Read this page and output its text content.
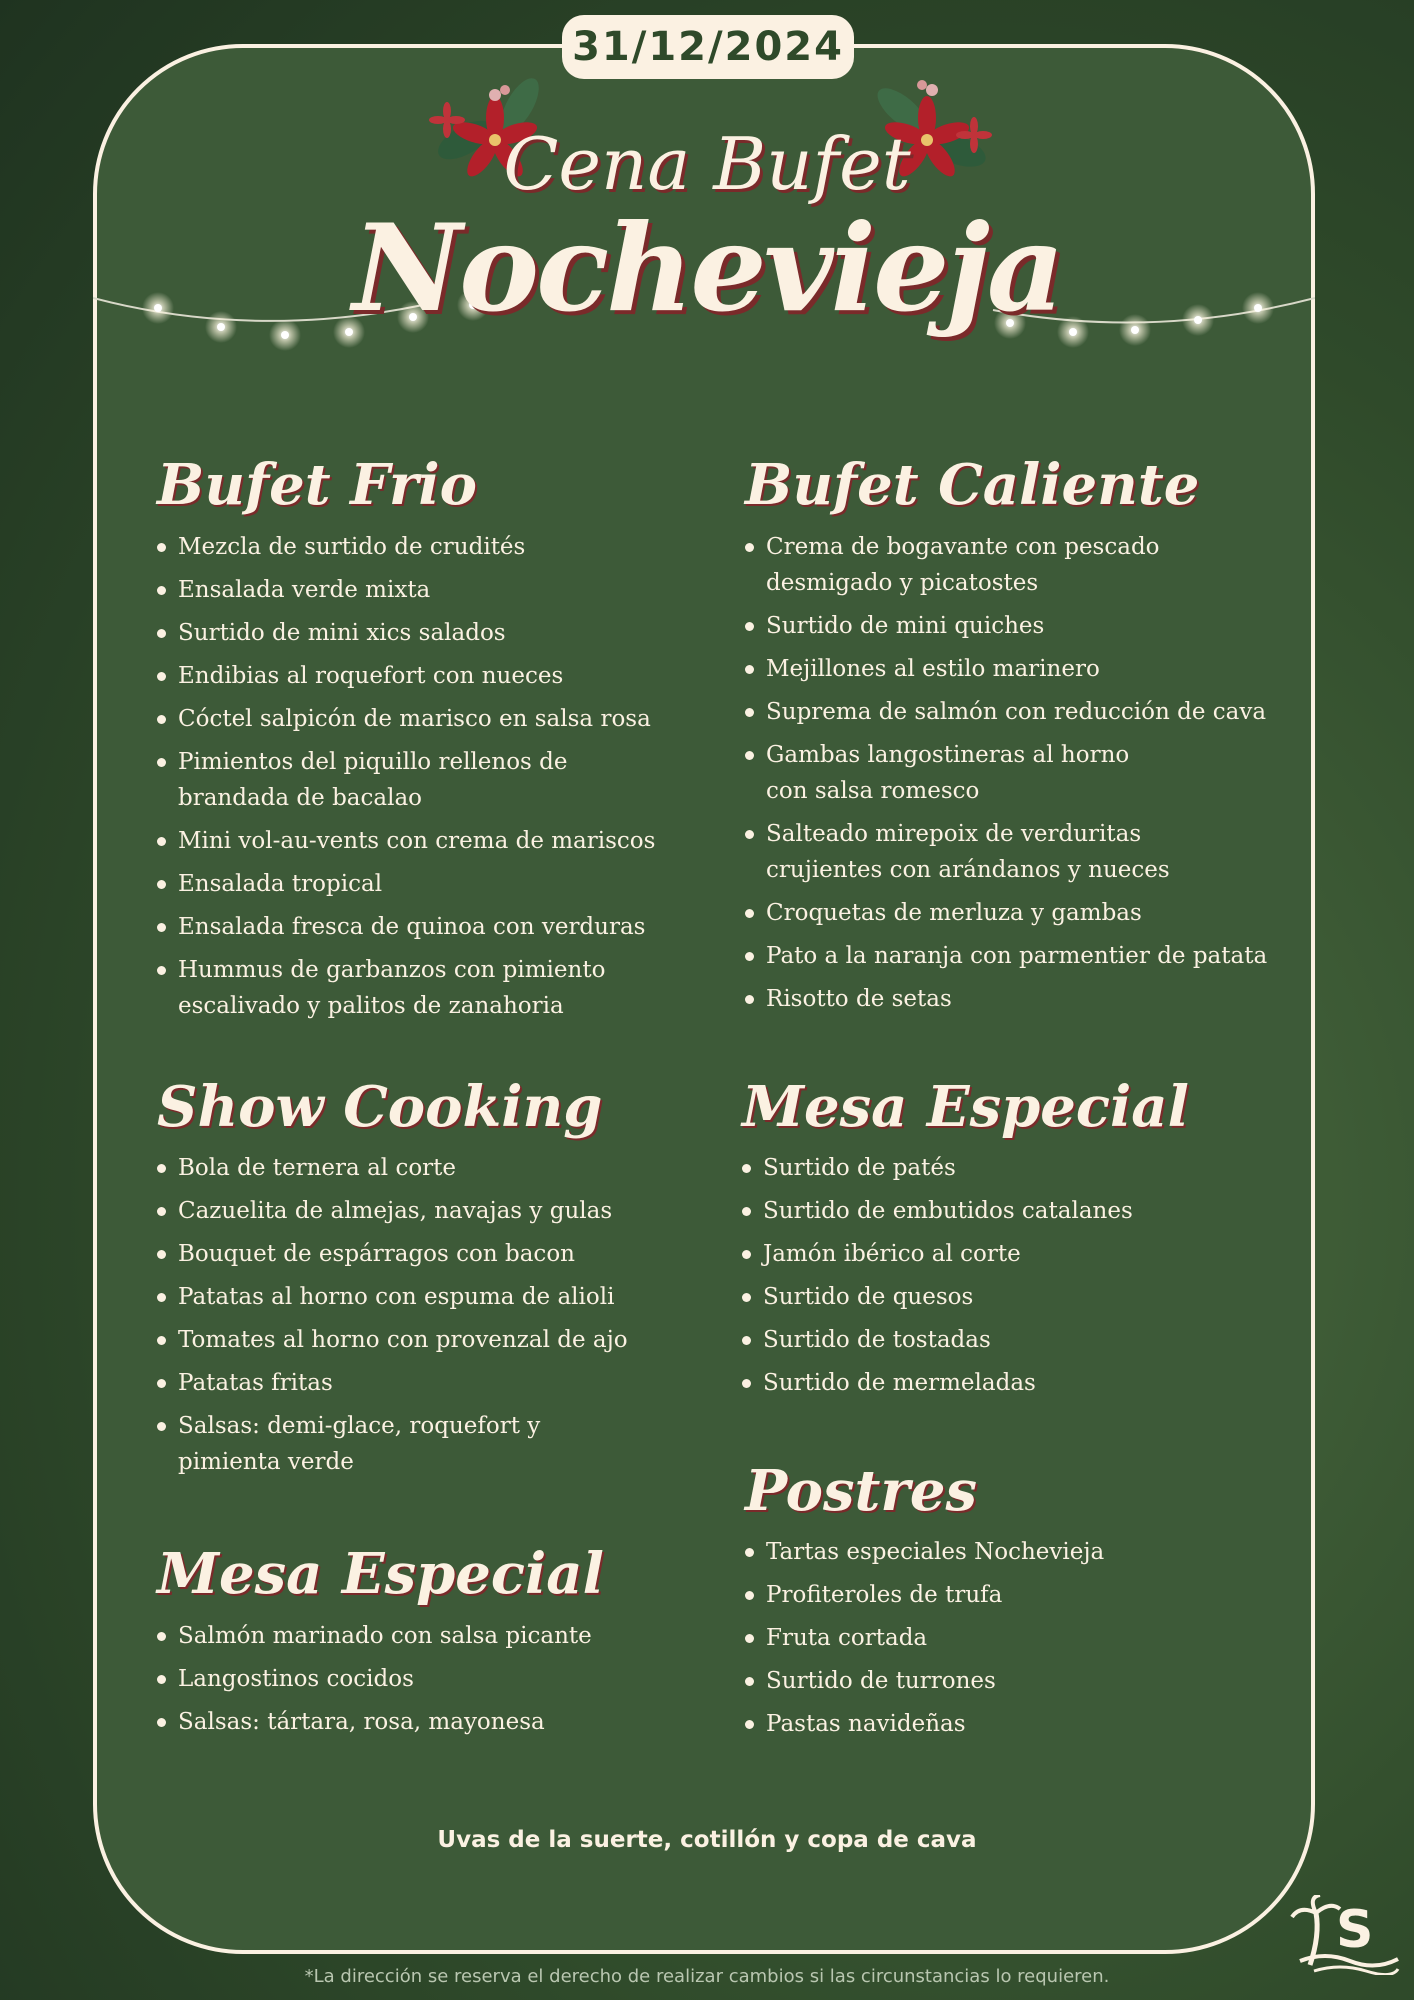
31/12/2024
Cena Bufet
Nochevieja
Bufet Frio
Mezcla de surtido de crudités
Ensalada verde mixta
Surtido de mini xics salados
Endibias al roquefort con nueces
Cóctel salpicón de marisco en salsa rosa
Pimientos del piquillo rellenos de
brandada de bacalao
Mini vol-au-vents con crema de mariscos
Ensalada tropical
Ensalada fresca de quinoa con verduras
Hummus de garbanzos con pimiento
escalivado y palitos de zanahoria
Bufet Caliente
Crema de bogavante con pescado
desmigado y picatostes
Surtido de mini quiches
Mejillones al estilo marinero
Suprema de salmón con reducción de cava
Gambas langostineras al horno
con salsa romesco
Salteado mirepoix de verduritas
crujientes con arándanos y nueces
Croquetas de merluza y gambas
Pato a la naranja con parmentier de patata
Risotto de setas
Show Cooking
Bola de ternera al corte
Cazuelita de almejas, navajas y gulas
Bouquet de espárragos con bacon
Patatas al horno con espuma de alioli
Tomates al horno con provenzal de ajo
Patatas fritas
Salsas: demi-glace, roquefort y
pimienta verde
Mesa Especial
Surtido de patés
Surtido de embutidos catalanes
Jamón ibérico al corte
Surtido de quesos
Surtido de tostadas
Surtido de mermeladas
Mesa Especial
Salmón marinado con salsa picante
Langostinos cocidos
Salsas: tártara, rosa, mayonesa
Postres
Tartas especiales Nochevieja
Profiteroles de trufa
Fruta cortada
Surtido de turrones
Pastas navideñas
Uvas de la suerte, cotillón y copa de cava
*La dirección se reserva el derecho de realizar cambios si las circunstancias lo requieren.
S
